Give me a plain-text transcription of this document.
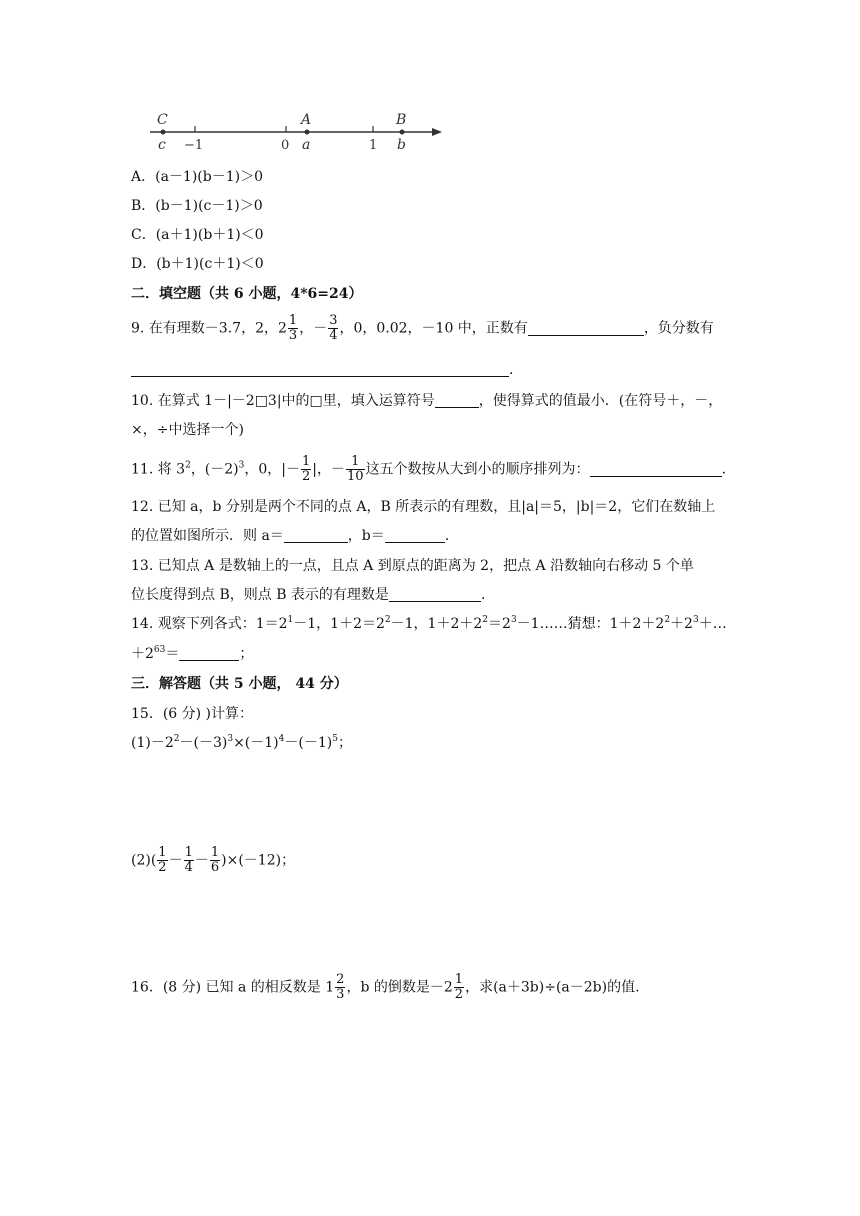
C	A	B
c −1	0 a	1 b
A．(a－1)(b－1)＞0
B．(b－1)(c－1)＞0
C．(a＋1)(b＋1)＜0
D．(b＋1)(c＋1)＜0
二．填空题（共 6 小题，4*6=24）
9. 在有理数－3.7，2，$2 \frac{1}{3}$ ，－ $\frac{3}{4}$ ，0，0.02，－10 中，正数有	，负分数有
.
10. 在算式 1－|－2□3|中的□里，填入运算符号	，使得算式的值最小．(在符号＋，－，
×，÷中选择一个)
11. 将 $3^2$，$(-2)^3$，0，|－ $\frac{1}{2}$ |，－ $\frac{1}{10}$ 这五个数按从大到小的顺序排列为：	.
12. 已知 a，b 分别是两个不同的点 A，B 所表示的有理数，且|a|＝5，|b|＝2，它们在数轴上
的位置如图所示．则 a＝	，b＝	.
13. 已知点 A 是数轴上的一点，且点 A 到原点的距离为 2，把点 A 沿数轴向右移动 5 个单
位长度得到点 B，则点 B 表示的有理数是	.
14. 观察下列各式：$1=2^1-1$，$1+2=2^2-1$，$1+2+2^2=2^3-1\dots\dots$猜想：$1+2+2^2+2^3+\dots$
$+2^{63}=$	；
三．解答题（共 5 小题， 44 分）
15．(6 分) )计算：
$(1)-2^2-(-3)^3\times(-1)^4-(-1)^5$；
$(2)( \frac{1}{2} - \frac{1}{4} - \frac{1}{6} )\times(-12)$；
16．(8 分) 已知 a 的相反数是 $1 \frac{2}{3}$ ，b 的倒数是$-2 \frac{1}{2}$ ，求(a＋3b)÷(a－2b)的值.
